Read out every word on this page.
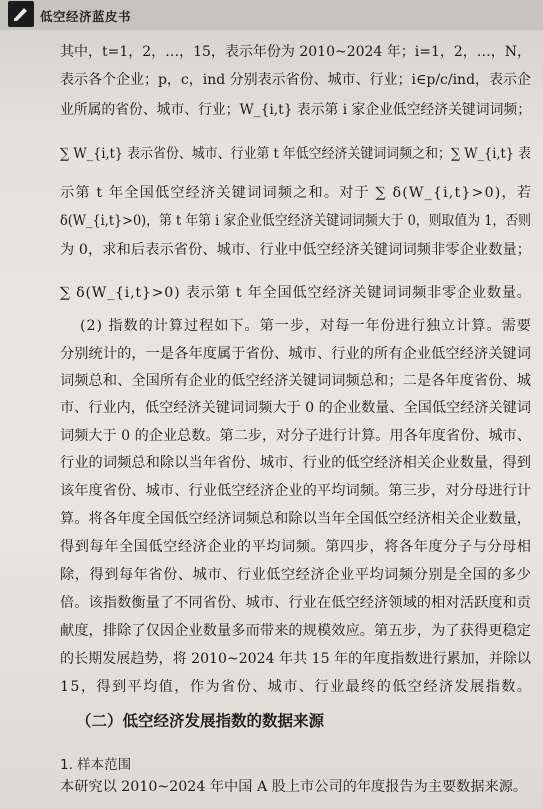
低空经济蓝皮书
其中，t=1，2，…，15，表示年份为 2010~2024 年；i=1，2，…，N，
表示各个企业；p，c，ind 分别表示省份、城市、行业；i∈p/c/ind，表示企
业所属的省份、城市、行业；W_{i,t} 表示第 i 家企业低空经济关键词词频；
∑ W_{i,t} 表示省份、城市、行业第 t 年低空经济关键词词频之和；∑ W_{i,t} 表
示第 t 年全国低空经济关键词词频之和。对于 ∑ δ(W_{i,t}>0)，若
δ(W_{i,t}>0)，第 t 年第 i 家企业低空经济关键词词频大于 0，则取值为 1，否则
为 0，求和后表示省份、城市、行业中低空经济关键词词频非零企业数量；
∑ δ(W_{i,t}>0) 表示第 t 年全国低空经济关键词词频非零企业数量。
(2) 指数的计算过程如下。第一步，对每一年份进行独立计算。需要
分别统计的，一是各年度属于省份、城市、行业的所有企业低空经济关键词
词频总和、全国所有企业的低空经济关键词词频总和；二是各年度省份、城
市、行业内，低空经济关键词词频大于 0 的企业数量、全国低空经济关键词
词频大于 0 的企业总数。第二步，对分子进行计算。用各年度省份、城市、
行业的词频总和除以当年省份、城市、行业的低空经济相关企业数量，得到
该年度省份、城市、行业低空经济企业的平均词频。第三步，对分母进行计
算。将各年度全国低空经济词频总和除以当年全国低空经济相关企业数量，
得到每年全国低空经济企业的平均词频。第四步，将各年度分子与分母相
除，得到每年省份、城市、行业低空经济企业平均词频分别是全国的多少
倍。该指数衡量了不同省份、城市、行业在低空经济领域的相对活跃度和贡
献度，排除了仅因企业数量多而带来的规模效应。第五步，为了获得更稳定
的长期发展趋势，将 2010~2024 年共 15 年的年度指数进行累加，并除以
15，得到平均值，作为省份、城市、行业最终的低空经济发展指数。
（二）低空经济发展指数的数据来源
1. 样本范围
本研究以 2010~2024 年中国 A 股上市公司的年度报告为主要数据来源。
